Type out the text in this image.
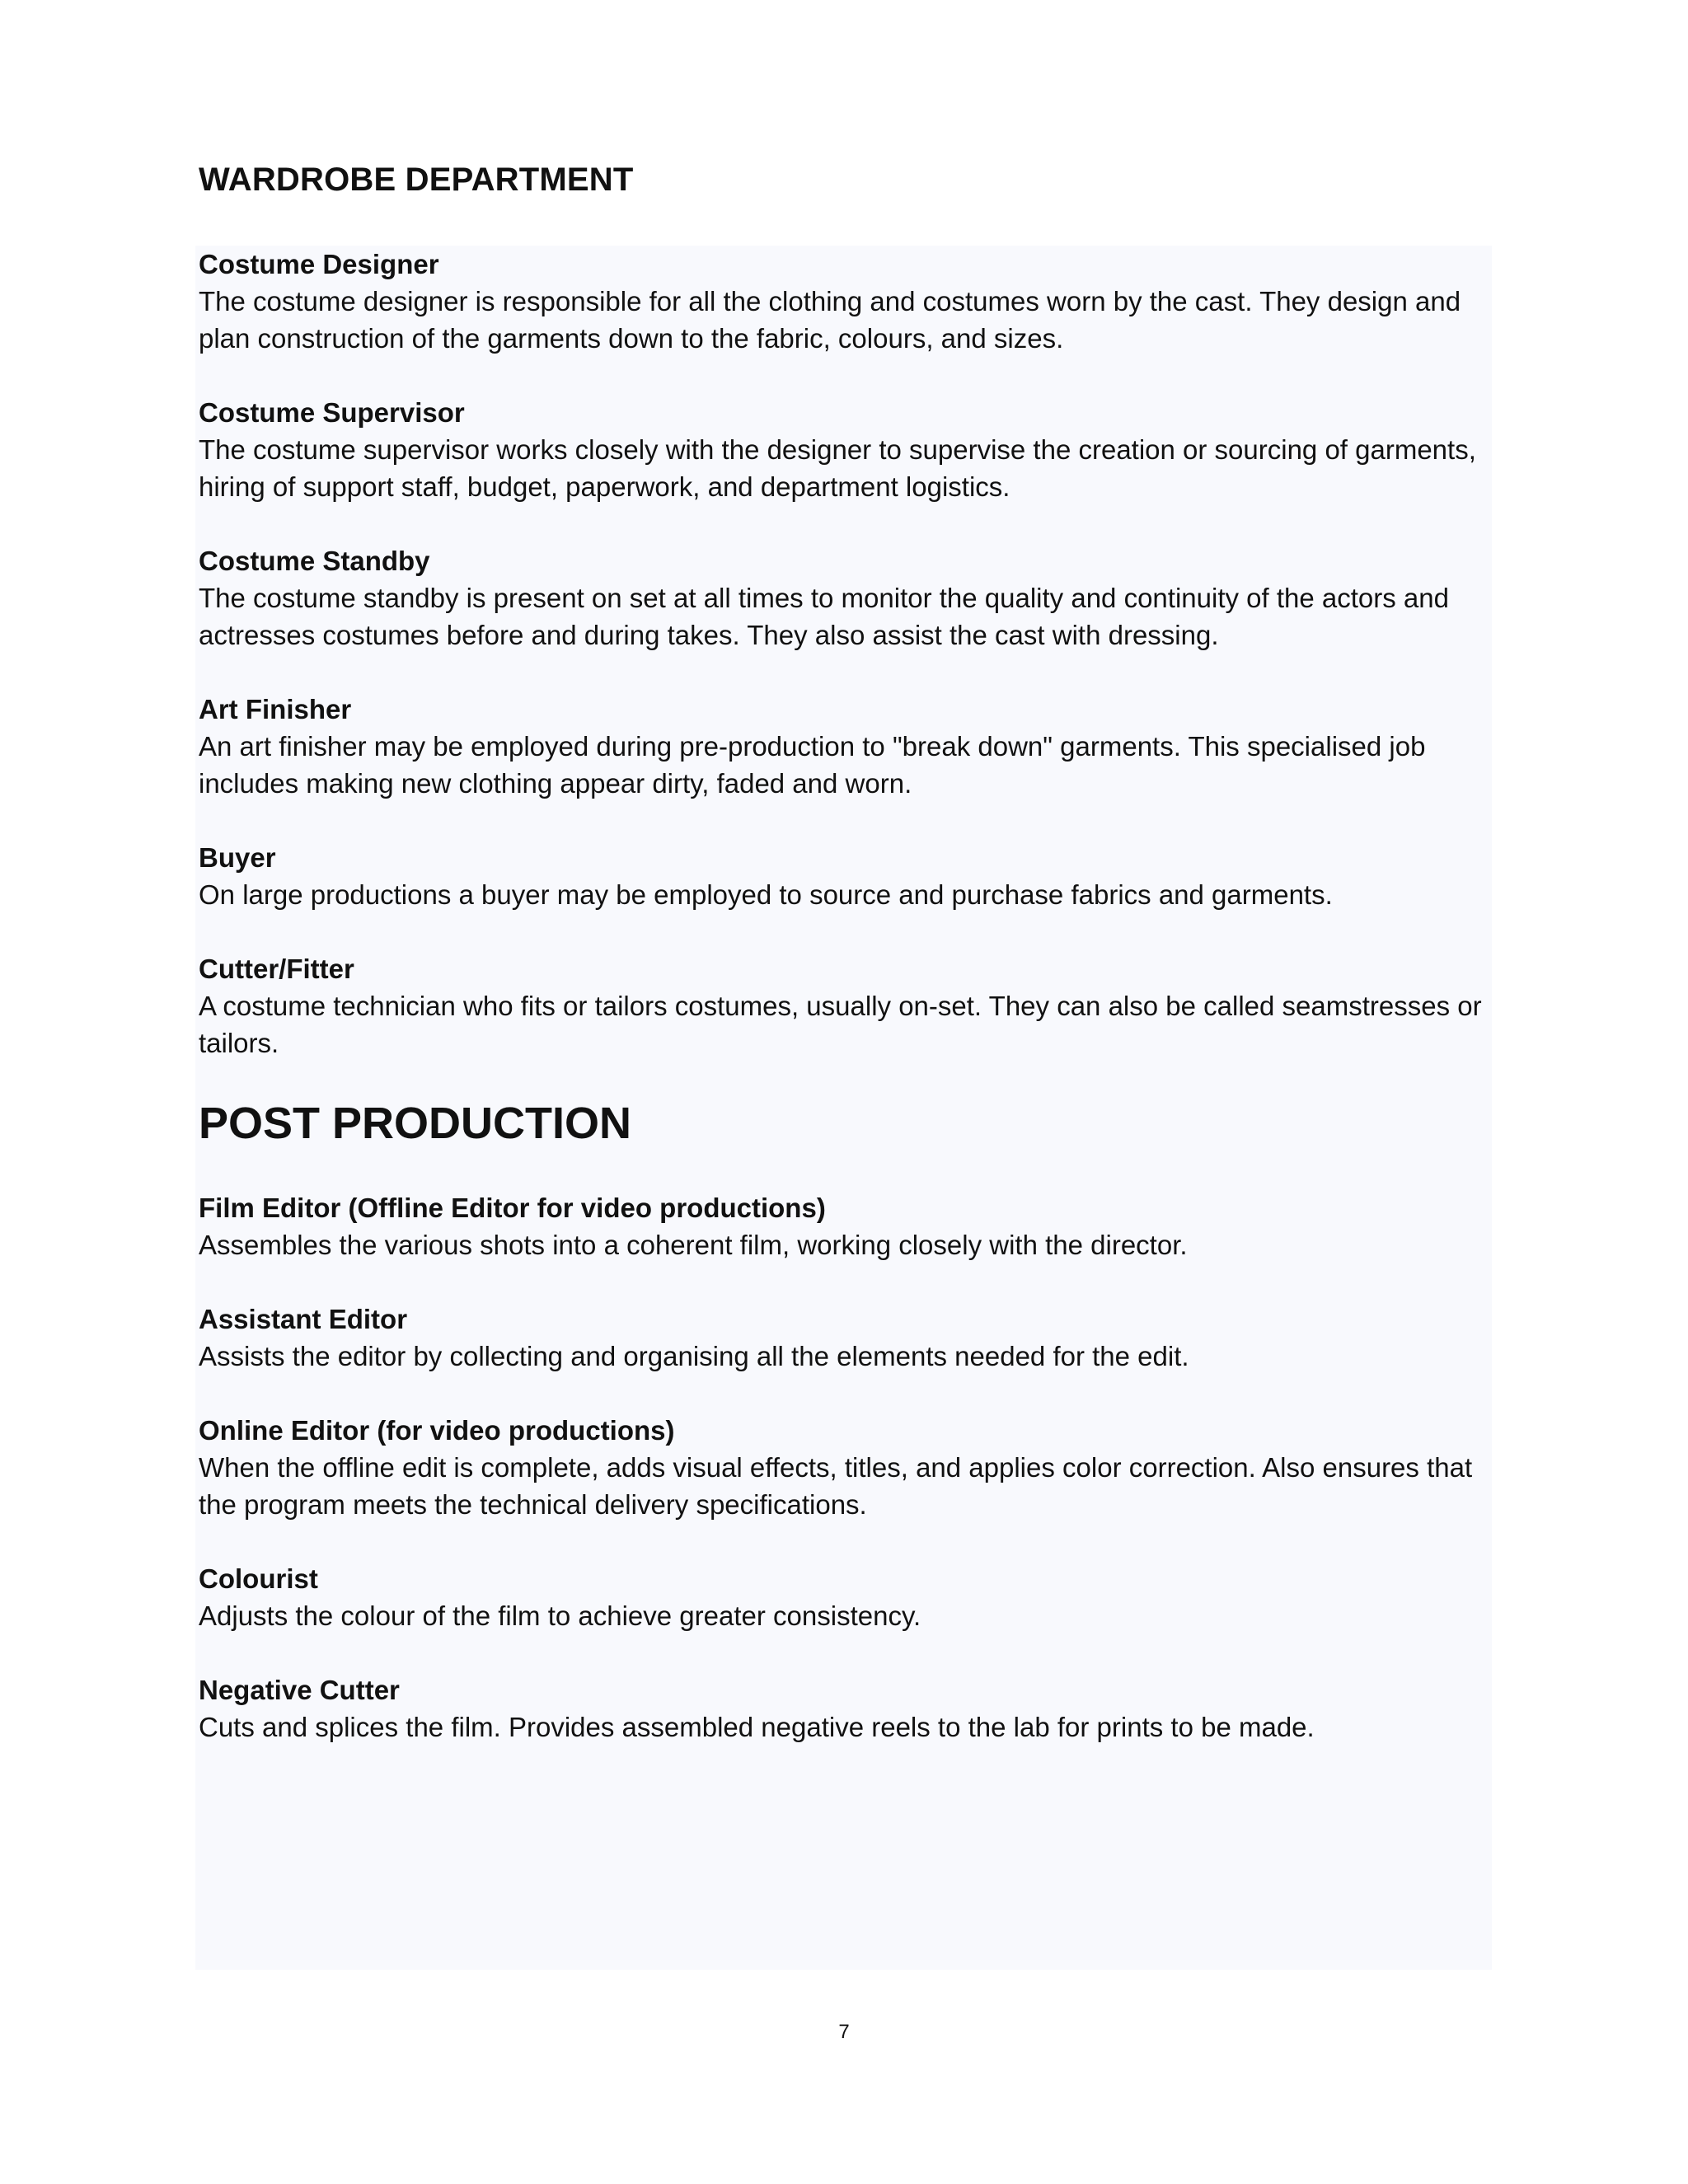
WARDROBE DEPARTMENT
Costume Designer
The costume designer is responsible for all the clothing and costumes worn by the cast. They design and plan construction of the garments down to the fabric, colours, and sizes.
Costume Supervisor
The costume supervisor works closely with the designer to supervise the creation or sourcing of garments, hiring of support staff, budget, paperwork, and department logistics.
Costume Standby
The costume standby is present on set at all times to monitor the quality and continuity of the actors and actresses costumes before and during takes. They also assist the cast with dressing.
Art Finisher
An art finisher may be employed during pre-production to "break down" garments. This specialised job includes making new clothing appear dirty, faded and worn.
Buyer
On large productions a buyer may be employed to source and purchase fabrics and garments.
Cutter/Fitter
A costume technician who fits or tailors costumes, usually on-set. They can also be called seamstresses or tailors.
POST PRODUCTION
Film Editor (Offline Editor for video productions)
Assembles the various shots into a coherent film, working closely with the director.
Assistant Editor
Assists the editor by collecting and organising all the elements needed for the edit.
Online Editor (for video productions)
When the offline edit is complete, adds visual effects, titles, and applies color correction. Also ensures that the program meets the technical delivery specifications.
Colourist
Adjusts the colour of the film to achieve greater consistency.
Negative Cutter
Cuts and splices the film. Provides assembled negative reels to the lab for prints to be made.
7
